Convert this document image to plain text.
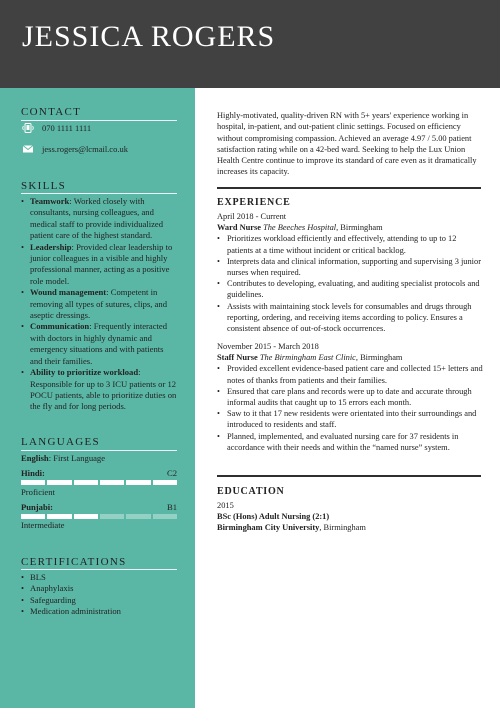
JESSICA ROGERS
CONTACT
070 1111 1111
jess.rogers@lcmail.co.uk
SKILLS
• Teamwork: Worked closely with consultants, nursing colleagues, and medical staff to provide individualized patient care of the highest standard.
• Leadership: Provided clear leadership to junior colleagues in a visible and highly professional manner, acting as a positive role model.
• Wound management: Competent in removing all types of sutures, clips, and aseptic dressings.
• Communication: Frequently interacted with doctors in highly dynamic and emergency situations and with patients and their families.
• Ability to prioritize workload: Responsible for up to 3 ICU patients or 12 POCU patients, able to prioritize duties on the fly and for long periods.
LANGUAGES
English: First Language
Hindi:	C2
Proficient
Punjabi:	B1
Intermediate
CERTIFICATIONS
• BLS
• Anaphylaxis
• Safeguarding
• Medication administration
Highly-motivated, quality-driven RN with 5+ years' experience working in hospital, in-patient, and out-patient clinic settings. Focused on efficiency without compromising compassion. Achieved an average 4.97 / 5.00 patient satisfaction rating while on a 42-bed ward. Seeking to help the Lux Union Health Centre continue to improve its standard of care even as it dramatically increases its capacity.
EXPERIENCE
April 2018 - Current
Ward Nurse The Beeches Hospital, Birmingham
• Prioritizes workload efficiently and effectively, attending to up to 12 patients at a time without incident or critical backlog.
• Interprets data and clinical information, supporting and supervising 3 junior nurses when required.
• Contributes to developing, evaluating, and auditing specialist protocols and guidelines.
• Assists with maintaining stock levels for consumables and drugs through reporting, ordering, and receiving items according to policy. Ensures a consistent absence of out-of-stock occurrences.
November 2015 - March 2018
Staff Nurse The Birmingham East Clinic, Birmingham
• Provided excellent evidence-based patient care and collected 15+ letters and notes of thanks from patients and their families.
• Ensured that care plans and records were up to date and accurate through informal audits that caught up to 15 errors each month.
• Saw to it that 17 new residents were orientated into their surroundings and introduced to residents and staff.
• Planned, implemented, and evaluated nursing care for 37 residents in accordance with their needs and within the “named nurse” system.
EDUCATION
2015
BSc (Hons) Adult Nursing (2:1)
Birmingham City University, Birmingham
